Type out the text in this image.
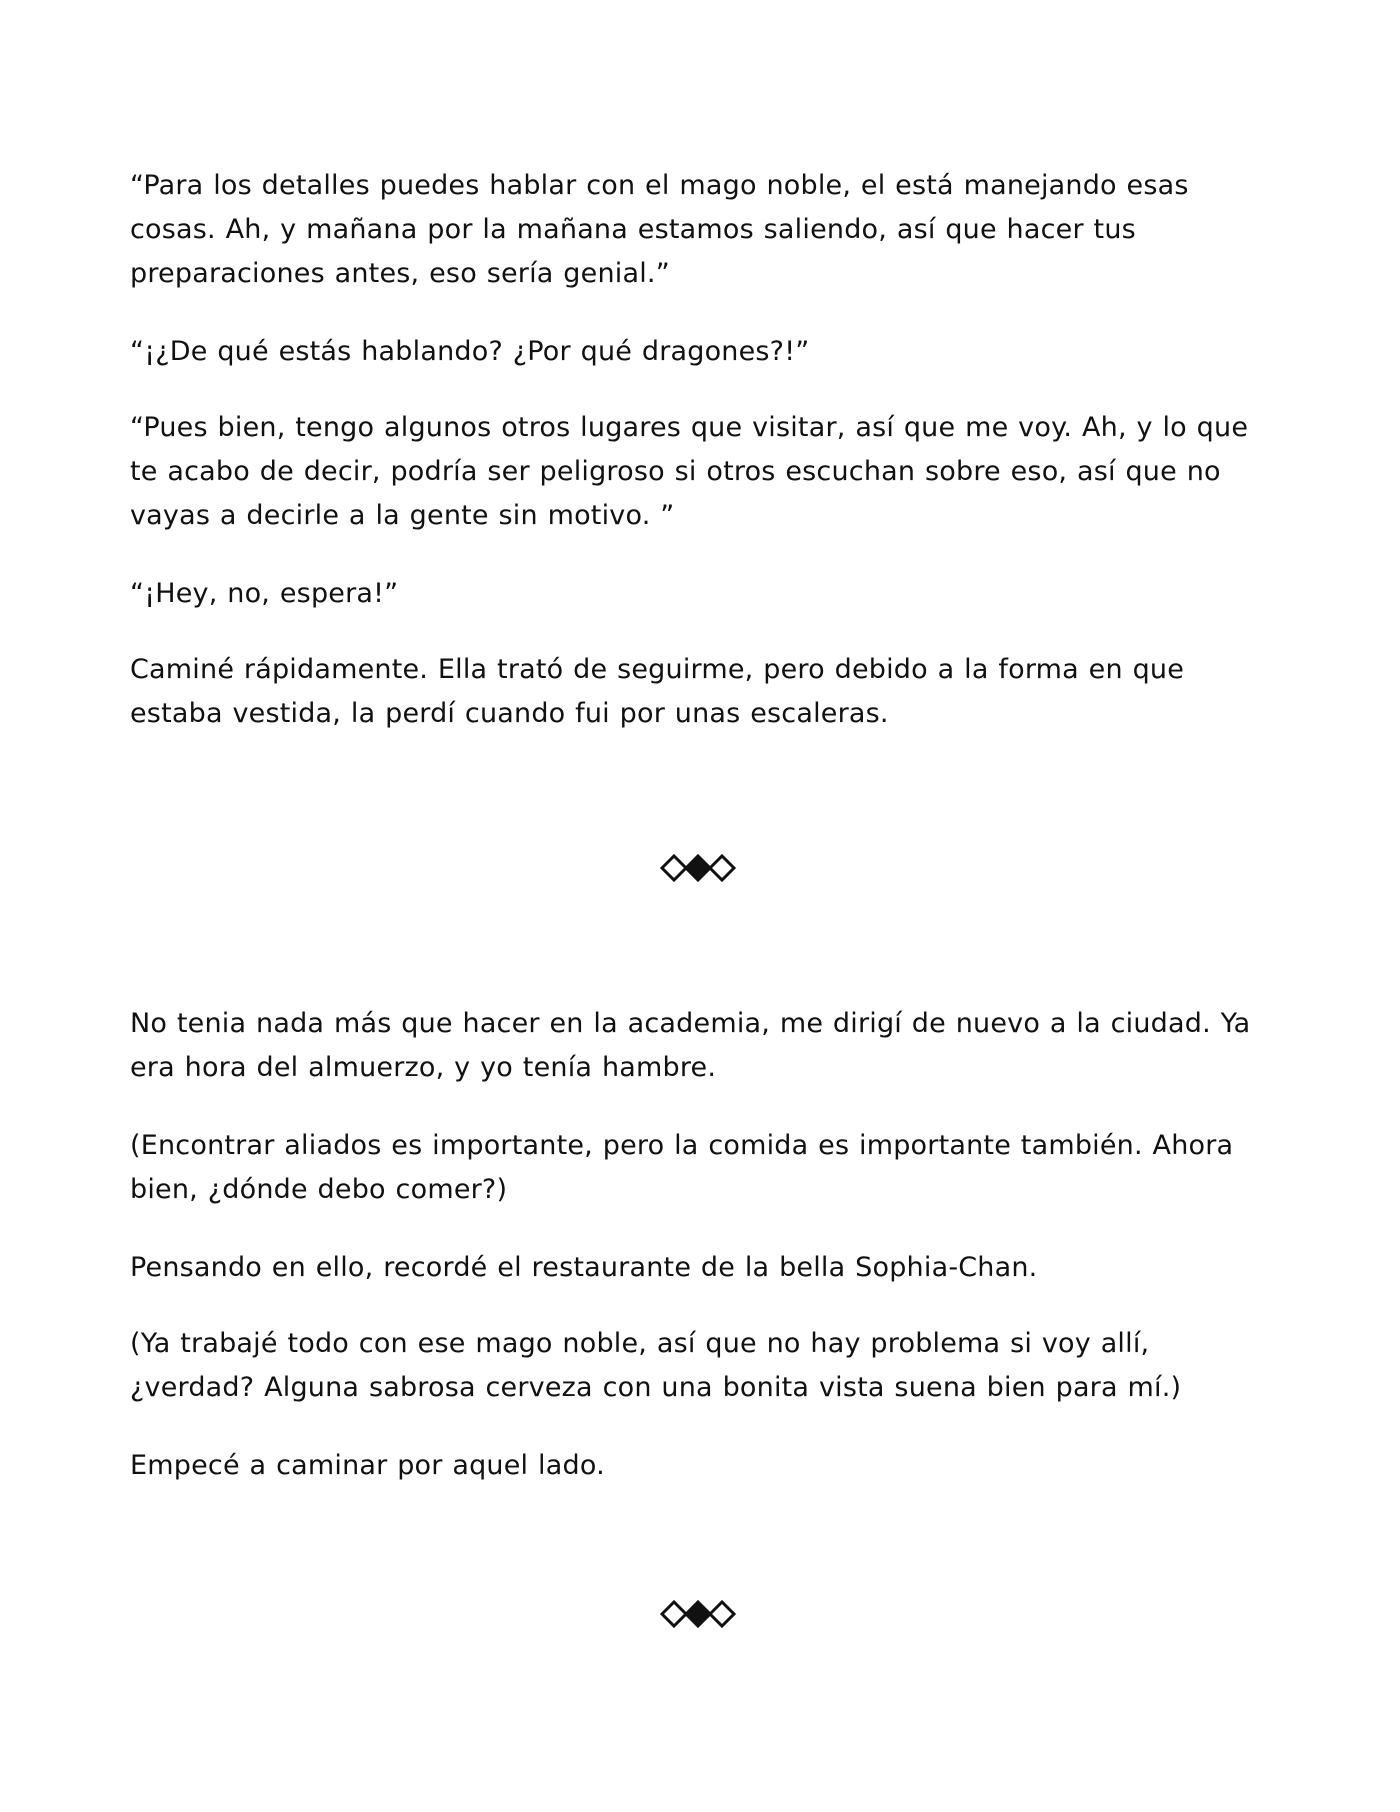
“Para los detalles puedes hablar con el mago noble, el está manejando esas cosas. Ah, y mañana por la mañana estamos saliendo, así que hacer tus preparaciones antes, eso sería genial.”

“¡¿De qué estás hablando? ¿Por qué dragones?!”

“Pues bien, tengo algunos otros lugares que visitar, así que me voy. Ah, y lo que te acabo de decir, podría ser peligroso si otros escuchan sobre eso, así que no vayas a decirle a la gente sin motivo. ”

“¡Hey, no, espera!”

Caminé rápidamente. Ella trató de seguirme, pero debido a la forma en que estaba vestida, la perdí cuando fui por unas escaleras.

No tenia nada más que hacer en la academia, me dirigí de nuevo a la ciudad. Ya era hora del almuerzo, y yo tenía hambre.

(Encontrar aliados es importante, pero la comida es importante también. Ahora bien, ¿dónde debo comer?)

Pensando en ello, recordé el restaurante de la bella Sophia-Chan.

(Ya trabajé todo con ese mago noble, así que no hay problema si voy allí, ¿verdad? Alguna sabrosa cerveza con una bonita vista suena bien para mí.)

Empecé a caminar por aquel lado.
